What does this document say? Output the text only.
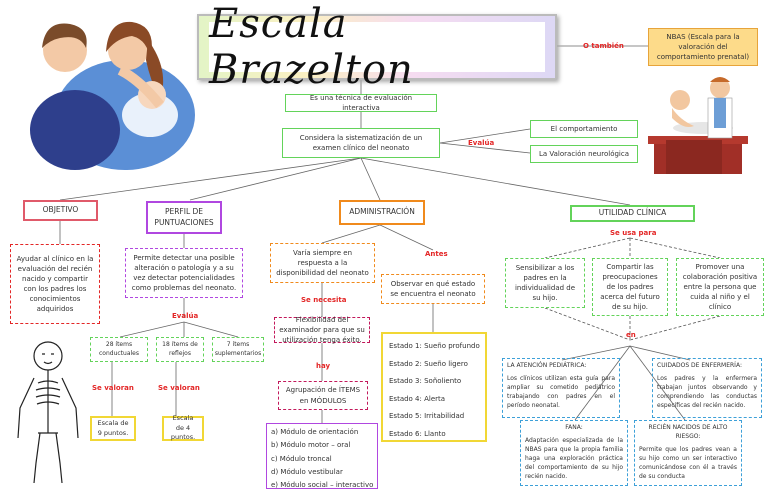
Escala Brazelton
O también
NBAS (Escala para la valoración del comportamiento prenatal)
Es una técnica de evaluación interactiva
Considera la sistematización de un examen clínico del neonato
Evalúa
El comportamiento
La Valoración neurológica
OBJETIVO	PERFIL DE PUNTUACIONES
ADMINISTRACIÓN	UTILIDAD CLÍNICA
Ayudar al clínico en la evaluación del recién nacido y compartir con los padres los conocimientos adquiridos
Permite detectar una posible alteración o patología y a su vez detectar potencialidades como problemas del neonato.
Evalúa
28 ítems conductuales
18 ítems de reflejos
7 ítems suplementarios
Se valoran	Se valoran
Escala de 9 puntos.
Escala de 4 puntos.
Varía siempre en respuesta a la disponibilidad del neonato
Se necesita
Flexibilidad del examinador para que su utilización tenga éxito.
hay
Agrupación de ÍTEMS en MÓDULOS
a) Módulo de orientación
b) Módulo motor – oral
c) Módulo troncal
d) Módulo vestibular
e) Módulo social – interactivo
Antes
Observar en qué estado se encuentra el neonato
Estado 1: Sueño profundo
Estado 2: Sueño ligero
Estado 3: Soñoliento
Estado 4: Alerta
Estado 5: Irritabilidad
Estado 6: Llanto
Se usa para
Sensibilizar a los padres en la individualidad de su hijo.
Compartir las preocupaciones de los padres acerca del futuro de su hijo.
Promover una colaboración positiva entre la persona que cuida al niño y el clínico
en
LA ATENCIÓN PEDIÁTRICA:
Los clínicos utilizan esta guía para ampliar su cometido pediátrico trabajando con padres en el período neonatal.
CUIDADOS DE ENFERMERÍA:
Los padres y la enfermera trabajan juntos observando y comprendiendo las conductas específicas del recién nacido.
FANA:
Adaptación especializada de la NBAS para que la propia familia haga una exploración práctica del comportamiento de su hijo recién nacido.
RECIÉN NACIDOS DE ALTO RIESGO:
Permite que los padres vean a su hijo como un ser interactivo comunicándose con él a través de su conducta
